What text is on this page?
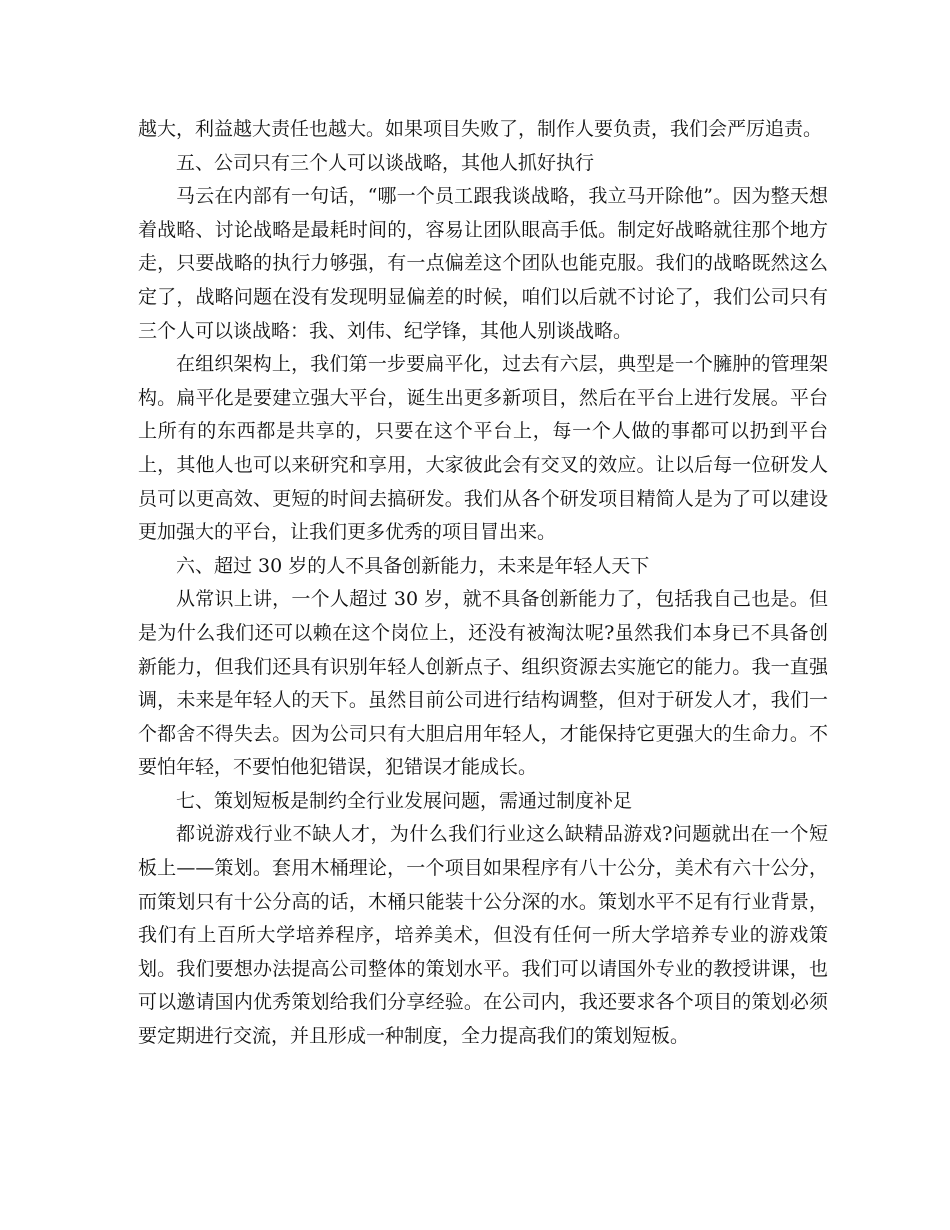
越大，利益越大责任也越大。如果项目失败了，制作人要负责，我们会严厉追责。

五、公司只有三个人可以谈战略，其他人抓好执行

马云在内部有一句话，“哪一个员工跟我谈战略，我立马开除他”。因为整天想着战略、讨论战略是最耗时间的，容易让团队眼高手低。制定好战略就往那个地方走，只要战略的执行力够强，有一点偏差这个团队也能克服。我们的战略既然这么定了，战略问题在没有发现明显偏差的时候，咱们以后就不讨论了，我们公司只有三个人可以谈战略：我、刘伟、纪学锋，其他人别谈战略。

在组织架构上，我们第一步要扁平化，过去有六层，典型是一个臃肿的管理架构。扁平化是要建立强大平台，诞生出更多新项目，然后在平台上进行发展。平台上所有的东西都是共享的，只要在这个平台上，每一个人做的事都可以扔到平台上，其他人也可以来研究和享用，大家彼此会有交叉的效应。让以后每一位研发人员可以更高效、更短的时间去搞研发。我们从各个研发项目精简人是为了可以建设更加强大的平台，让我们更多优秀的项目冒出来。

六、超过 30 岁的人不具备创新能力，未来是年轻人天下

从常识上讲，一个人超过 30 岁，就不具备创新能力了，包括我自己也是。但是为什么我们还可以赖在这个岗位上，还没有被淘汰呢?虽然我们本身已不具备创新能力，但我们还具有识别年轻人创新点子、组织资源去实施它的能力。我一直强调，未来是年轻人的天下。虽然目前公司进行结构调整，但对于研发人才，我们一个都舍不得失去。因为公司只有大胆启用年轻人，才能保持它更强大的生命力。不要怕年轻，不要怕他犯错误，犯错误才能成长。

七、策划短板是制约全行业发展问题，需通过制度补足

都说游戏行业不缺人才，为什么我们行业这么缺精品游戏?问题就出在一个短板上——策划。套用木桶理论，一个项目如果程序有八十公分，美术有六十公分，而策划只有十公分高的话，木桶只能装十公分深的水。策划水平不足有行业背景，我们有上百所大学培养程序，培养美术，但没有任何一所大学培养专业的游戏策划。我们要想办法提高公司整体的策划水平。我们可以请国外专业的教授讲课，也可以邀请国内优秀策划给我们分享经验。在公司内，我还要求各个项目的策划必须要定期进行交流，并且形成一种制度，全力提高我们的策划短板。
